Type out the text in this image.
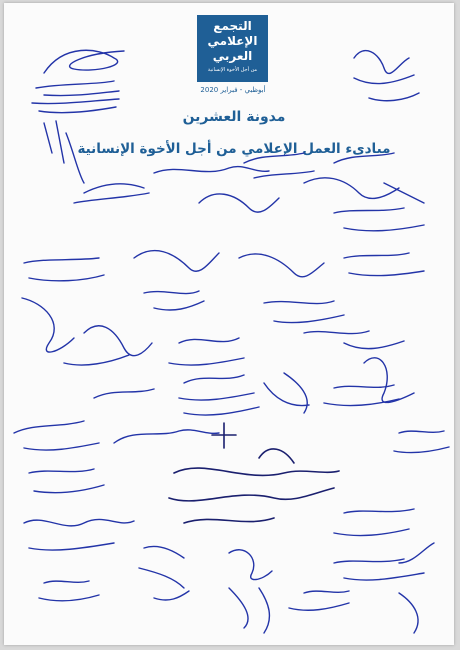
التجمع
الإعلامي
العربي
من أجل الأخوة الإنسانية
أبوظبي - فبراير 2020
مدونة العشرين
مبادىء العمل الإعلامي من أجل الأخوة الإنسانية
